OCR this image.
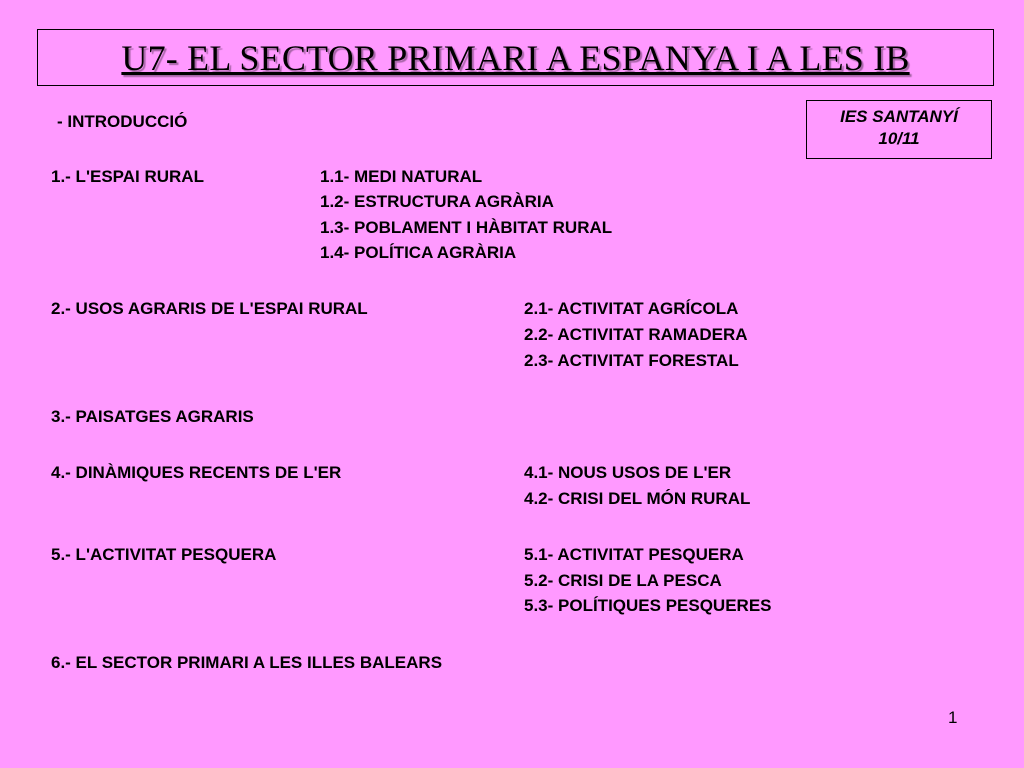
U7- EL SECTOR PRIMARI A ESPANYA I A LES IB
IES SANTANYÍ
10/11
- INTRODUCCIÓ
1.- L'ESPAI RURAL	1.1- MEDI NATURAL
1.2- ESTRUCTURA AGRÀRIA
1.3- POBLAMENT I HÀBITAT RURAL
1.4- POLÍTICA AGRÀRIA
2.- USOS AGRARIS DE L'ESPAI RURAL	2.1- ACTIVITAT AGRÍCOLA
2.2- ACTIVITAT RAMADERA
2.3- ACTIVITAT FORESTAL
3.- PAISATGES AGRARIS
4.- DINÀMIQUES RECENTS DE L'ER	4.1- NOUS USOS DE L'ER
4.2- CRISI DEL MÓN RURAL
5.- L'ACTIVITAT PESQUERA	5.1- ACTIVITAT PESQUERA
5.2- CRISI DE LA PESCA
5.3- POLÍTIQUES PESQUERES
6.- EL SECTOR PRIMARI A LES ILLES BALEARS
1
